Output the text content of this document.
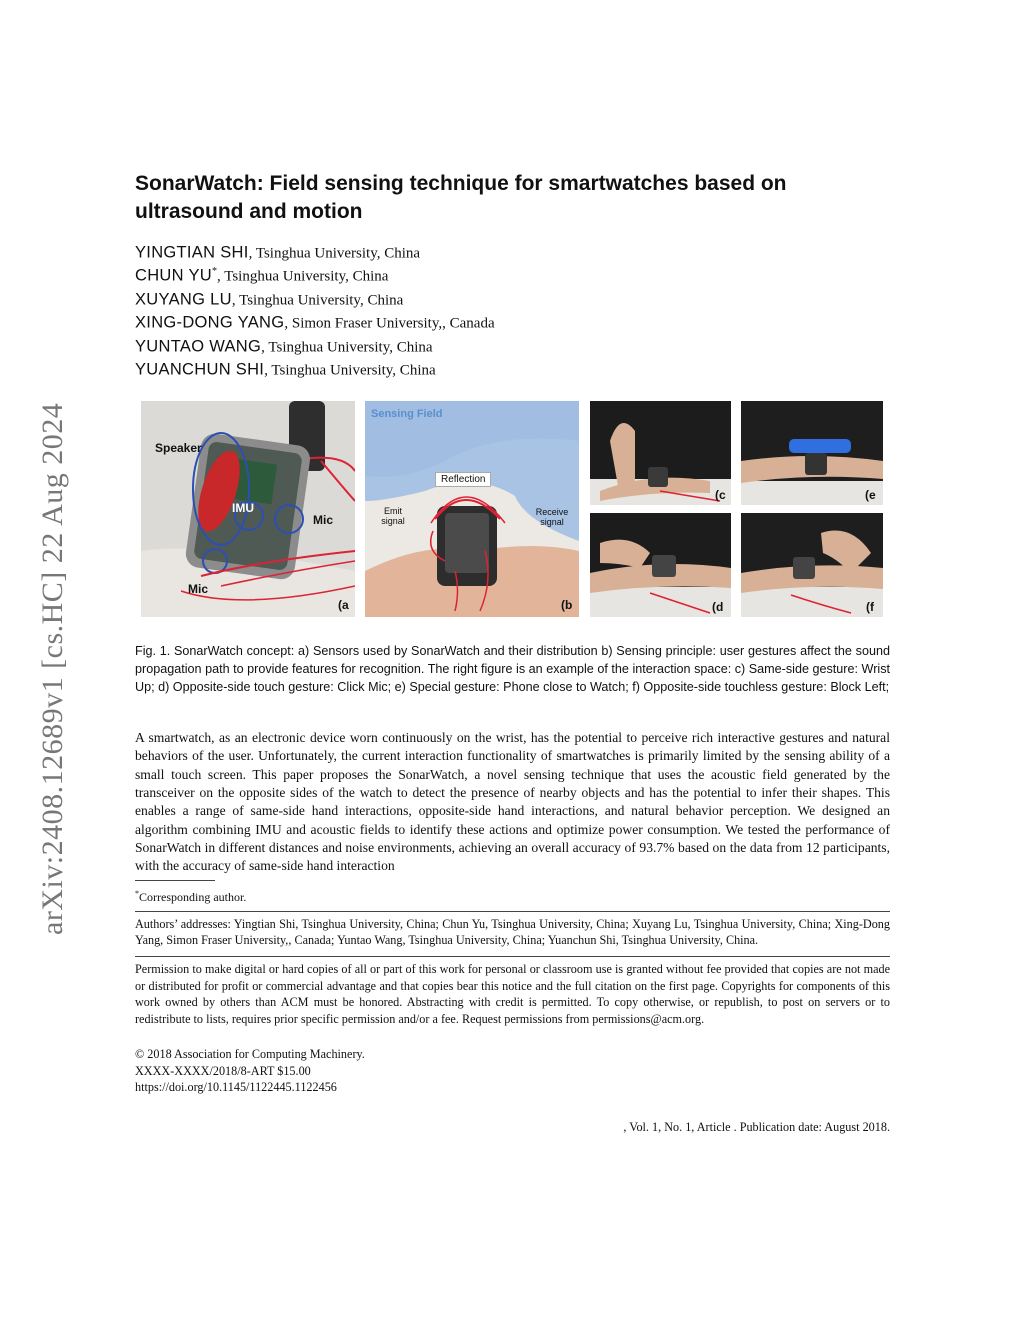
arXiv:2408.12689v1 [cs.HC] 22 Aug 2024
SonarWatch: Field sensing technique for smartwatches based on ultrasound and motion
YINGTIAN SHI, Tsinghua University, China
CHUN YU*, Tsinghua University, China
XUYANG LU, Tsinghua University, China
XING-DONG YANG, Simon Fraser University,, Canada
YUNTAO WANG, Tsinghua University, China
YUANCHUN SHI, Tsinghua University, China
Speaker
IMU
Mic
Mic
(a
Sensing Field
Reflection
Emit signal
Receive signal
(b
(c	(e
(d	(f

Fig. 1. SonarWatch concept: a) Sensors used by SonarWatch and their distribution b) Sensing principle: user gestures affect the sound propagation path to provide features for recognition. The right figure is an example of the interaction space: c) Same-side gesture: Wrist Up; d) Opposite-side touch gesture: Click Mic; e) Special gesture: Phone close to Watch; f) Opposite-side touchless gesture: Block Left;

A smartwatch, as an electronic device worn continuously on the wrist, has the potential to perceive rich interactive gestures and natural behaviors of the user. Unfortunately, the current interaction functionality of smartwatches is primarily limited by the sensing ability of a small touch screen. This paper proposes the SonarWatch, a novel sensing technique that uses the acoustic field generated by the transceiver on the opposite sides of the watch to detect the presence of nearby objects and has the potential to infer their shapes. This enables a range of same-side hand interactions, opposite-side hand interactions, and natural behavior perception. We designed an algorithm combining IMU and acoustic fields to identify these actions and optimize power consumption. We tested the performance of SonarWatch in different distances and noise environments, achieving an overall accuracy of 93.7% based on the data from 12 participants, with the accuracy of same-side hand interaction

*Corresponding author.

Authors’ addresses: Yingtian Shi, Tsinghua University, China; Chun Yu, Tsinghua University, China; Xuyang Lu, Tsinghua University, China; Xing-Dong Yang, Simon Fraser University,, Canada; Yuntao Wang, Tsinghua University, China; Yuanchun Shi, Tsinghua University, China.

Permission to make digital or hard copies of all or part of this work for personal or classroom use is granted without fee provided that copies are not made or distributed for profit or commercial advantage and that copies bear this notice and the full citation on the first page. Copyrights for components of this work owned by others than ACM must be honored. Abstracting with credit is permitted. To copy otherwise, or republish, to post on servers or to redistribute to lists, requires prior specific permission and/or a fee. Request permissions from permissions@acm.org.

© 2018 Association for Computing Machinery.
XXXX-XXXX/2018/8-ART $15.00
https://doi.org/10.1145/1122445.1122456
, Vol. 1, No. 1, Article . Publication date: August 2018.
